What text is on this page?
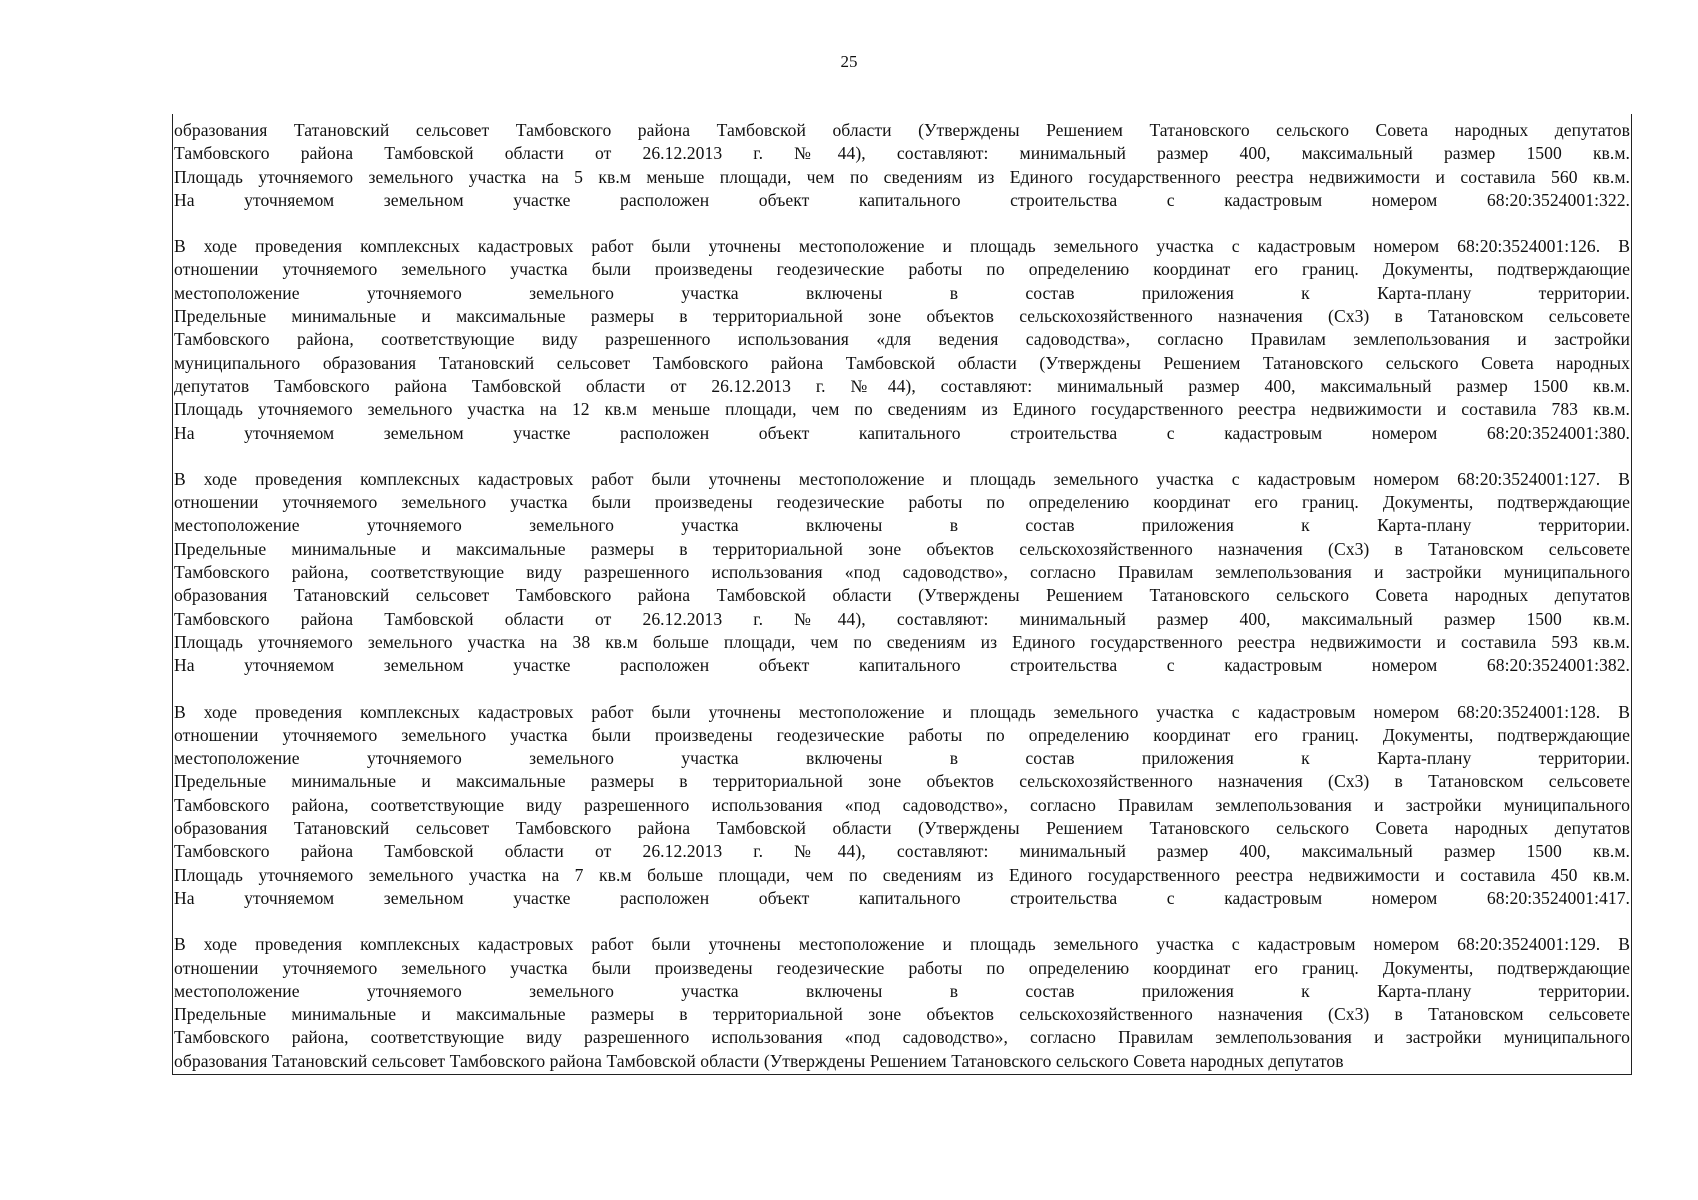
25
образования Татановский сельсовет Тамбовского района Тамбовской области (Утверждены Решением Татановского сельского Совета народных депутатов
Тамбовского района Тамбовской области от 26.12.2013 г. №44), составляют: минимальный размер 400, максимальный размер 1500 кв.м.
Площадь уточняемого земельного участка на 5 кв.м меньше площади, чем по сведениям из Единого государственного реестра недвижимости и составила 560 кв.м.
На уточняемом земельном участке расположен объект капитального строительства с кадастровым номером 68:20:3524001:322.
В ходе проведения комплексных кадастровых работ были уточнены местоположение и площадь земельного участка с кадастровым номером 68:20:3524001:126. В
отношении уточняемого земельного участка были произведены геодезические работы по определению координат его границ. Документы, подтверждающие
местоположение уточняемого земельного участка включены в состав приложения к Карта-плану территории.
Предельные минимальные и максимальные размеры в территориальной зоне объектов сельскохозяйственного назначения (Сх3) в Татановском сельсовете
Тамбовского района, соответствующие виду разрешенного использования «для ведения садоводства», согласно Правилам землепользования и застройки
муниципального образования Татановский сельсовет Тамбовского района Тамбовской области (Утверждены Решением Татановского сельского Совета народных
депутатов Тамбовского района Тамбовской области от 26.12.2013 г. №44), составляют: минимальный размер 400, максимальный размер 1500 кв.м.
Площадь уточняемого земельного участка на 12 кв.м меньше площади, чем по сведениям из Единого государственного реестра недвижимости и составила 783 кв.м.
На уточняемом земельном участке расположен объект капитального строительства с кадастровым номером 68:20:3524001:380.
В ходе проведения комплексных кадастровых работ были уточнены местоположение и площадь земельного участка с кадастровым номером 68:20:3524001:127. В
отношении уточняемого земельного участка были произведены геодезические работы по определению координат его границ. Документы, подтверждающие
местоположение уточняемого земельного участка включены в состав приложения к Карта-плану территории.
Предельные минимальные и максимальные размеры в территориальной зоне объектов сельскохозяйственного назначения (Сх3) в Татановском сельсовете
Тамбовского района, соответствующие виду разрешенного использования «под садоводство», согласно Правилам землепользования и застройки муниципального
образования Татановский сельсовет Тамбовского района Тамбовской области (Утверждены Решением Татановского сельского Совета народных депутатов
Тамбовского района Тамбовской области от 26.12.2013 г. №44), составляют: минимальный размер 400, максимальный размер 1500 кв.м.
Площадь уточняемого земельного участка на 38 кв.м больше площади, чем по сведениям из Единого государственного реестра недвижимости и составила 593 кв.м.
На уточняемом земельном участке расположен объект капитального строительства с кадастровым номером 68:20:3524001:382.
В ходе проведения комплексных кадастровых работ были уточнены местоположение и площадь земельного участка с кадастровым номером 68:20:3524001:128. В
отношении уточняемого земельного участка были произведены геодезические работы по определению координат его границ. Документы, подтверждающие
местоположение уточняемого земельного участка включены в состав приложения к Карта-плану территории.
Предельные минимальные и максимальные размеры в территориальной зоне объектов сельскохозяйственного назначения (Сх3) в Татановском сельсовете
Тамбовского района, соответствующие виду разрешенного использования «под садоводство», согласно Правилам землепользования и застройки муниципального
образования Татановский сельсовет Тамбовского района Тамбовской области (Утверждены Решением Татановского сельского Совета народных депутатов
Тамбовского района Тамбовской области от 26.12.2013 г. №44), составляют: минимальный размер 400, максимальный размер 1500 кв.м.
Площадь уточняемого земельного участка на 7 кв.м больше площади, чем по сведениям из Единого государственного реестра недвижимости и составила 450 кв.м.
На уточняемом земельном участке расположен объект капитального строительства с кадастровым номером 68:20:3524001:417.
В ходе проведения комплексных кадастровых работ были уточнены местоположение и площадь земельного участка с кадастровым номером 68:20:3524001:129. В
отношении уточняемого земельного участка были произведены геодезические работы по определению координат его границ. Документы, подтверждающие
местоположение уточняемого земельного участка включены в состав приложения к Карта-плану территории.
Предельные минимальные и максимальные размеры в территориальной зоне объектов сельскохозяйственного назначения (Сх3) в Татановском сельсовете
Тамбовского района, соответствующие виду разрешенного использования «под садоводство», согласно Правилам землепользования и застройки муниципального
образования Татановский сельсовет Тамбовского района Тамбовской области (Утверждены Решением Татановского сельского Совета народных депутатов
